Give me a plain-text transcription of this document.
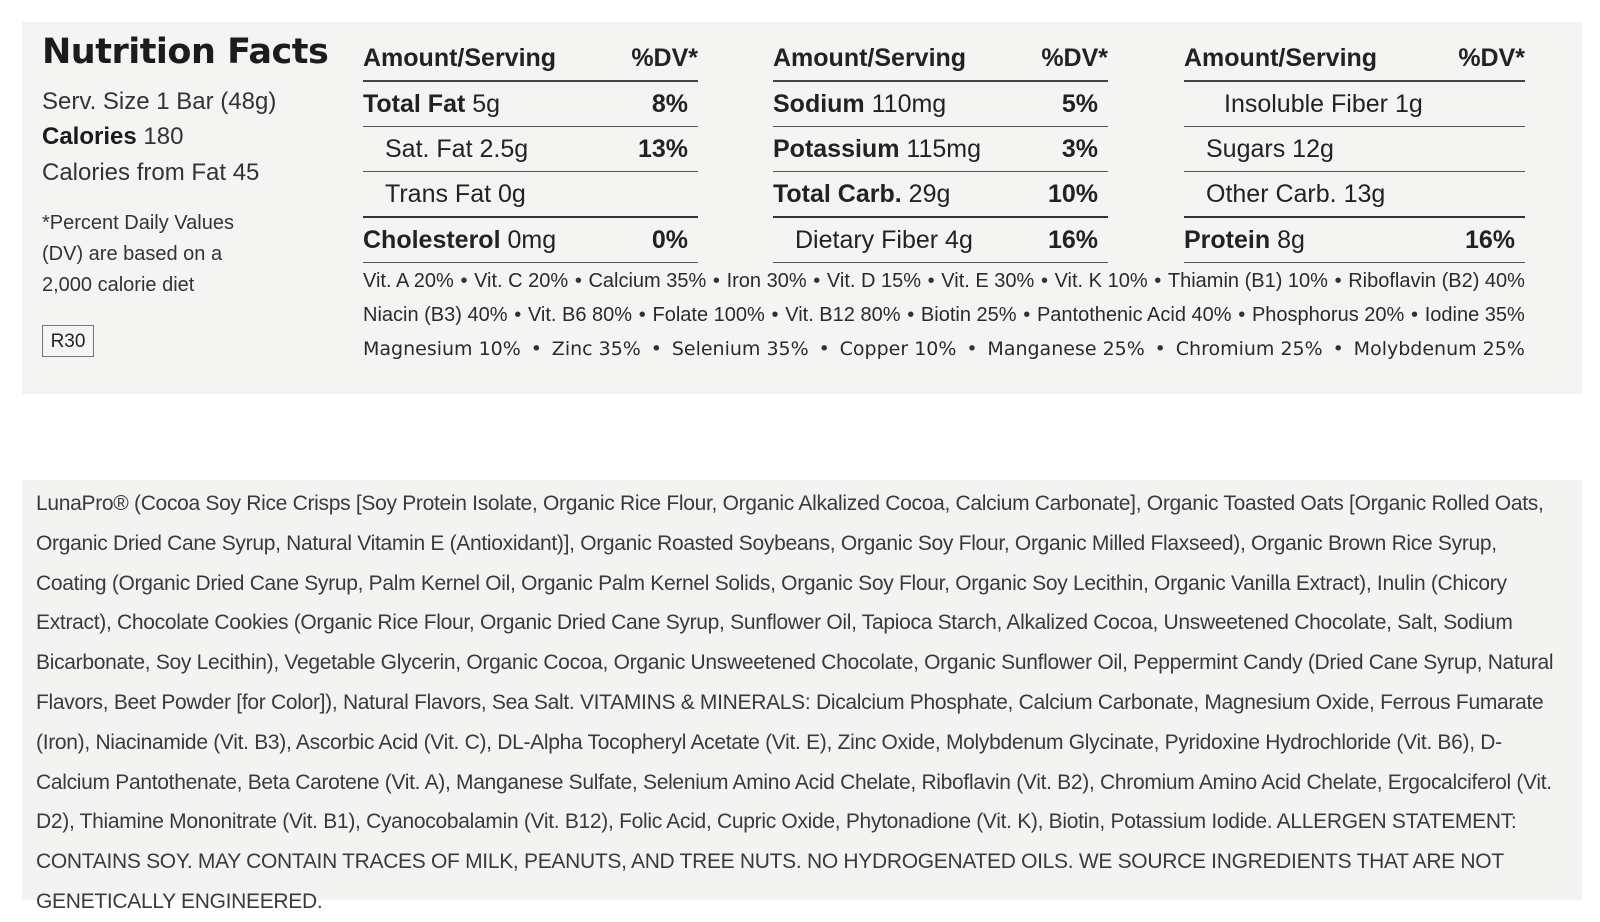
Nutrition Facts
Serv. Size 1 Bar (48g)
Calories 180
Calories from Fat 45
*Percent Daily Values (DV) are based on a 2,000 calorie diet
R30
Amount/Serving	%DV*
Total Fat 5g	8%
Sat. Fat 2.5g	13%
Trans Fat 0g
Cholesterol 0mg	0%
Amount/Serving	%DV*
Sodium 110mg	5%
Potassium 115mg	3%
Total Carb. 29g	10%
Dietary Fiber 4g	16%
Amount/Serving	%DV*
Insoluble Fiber 1g
Sugars 12g
Other Carb. 13g
Protein 8g	16%
Vit. A 20% • Vit. C 20% • Calcium 35% • Iron 30% • Vit. D 15% • Vit. E 30% • Vit. K 10% • Thiamin (B1) 10% • Riboflavin (B2) 40%
Niacin (B3) 40% • Vit. B6 80% • Folate 100% • Vit. B12 80% • Biotin 25% • Pantothenic Acid 40% • Phosphorus 20% • Iodine 35%
Magnesium 10% • Zinc 35% • Selenium 35% • Copper 10% • Manganese 25% • Chromium 25% • Molybdenum 25%
LunaPro® (Cocoa Soy Rice Crisps [Soy Protein Isolate, Organic Rice Flour, Organic Alkalized Cocoa, Calcium Carbonate], Organic Toasted Oats [Organic Rolled Oats, Organic Dried Cane Syrup, Natural Vitamin E (Antioxidant)], Organic Roasted Soybeans, Organic Soy Flour, Organic Milled Flaxseed), Organic Brown Rice Syrup, Coating (Organic Dried Cane Syrup, Palm Kernel Oil, Organic Palm Kernel Solids, Organic Soy Flour, Organic Soy Lecithin, Organic Vanilla Extract), Inulin (Chicory Extract), Chocolate Cookies (Organic Rice Flour, Organic Dried Cane Syrup, Sunflower Oil, Tapioca Starch, Alkalized Cocoa, Unsweetened Chocolate, Salt, Sodium Bicarbonate, Soy Lecithin), Vegetable Glycerin, Organic Cocoa, Organic Unsweetened Chocolate, Organic Sunflower Oil, Peppermint Candy (Dried Cane Syrup, Natural Flavors, Beet Powder [for Color]), Natural Flavors, Sea Salt. VITAMINS & MINERALS: Dicalcium Phosphate, Calcium Carbonate, Magnesium Oxide, Ferrous Fumarate (Iron), Niacinamide (Vit. B3), Ascorbic Acid (Vit. C), DL-Alpha Tocopheryl Acetate (Vit. E), Zinc Oxide, Molybdenum Glycinate, Pyridoxine Hydrochloride (Vit. B6), D-Calcium Pantothenate, Beta Carotene (Vit. A), Manganese Sulfate, Selenium Amino Acid Chelate, Riboflavin (Vit. B2), Chromium Amino Acid Chelate, Ergocalciferol (Vit. D2), Thiamine Mononitrate (Vit. B1), Cyanocobalamin (Vit. B12), Folic Acid, Cupric Oxide, Phytonadione (Vit. K), Biotin, Potassium Iodide. ALLERGEN STATEMENT: CONTAINS SOY. MAY CONTAIN TRACES OF MILK, PEANUTS, AND TREE NUTS. NO HYDROGENATED OILS. WE SOURCE INGREDIENTS THAT ARE NOT GENETICALLY ENGINEERED.
